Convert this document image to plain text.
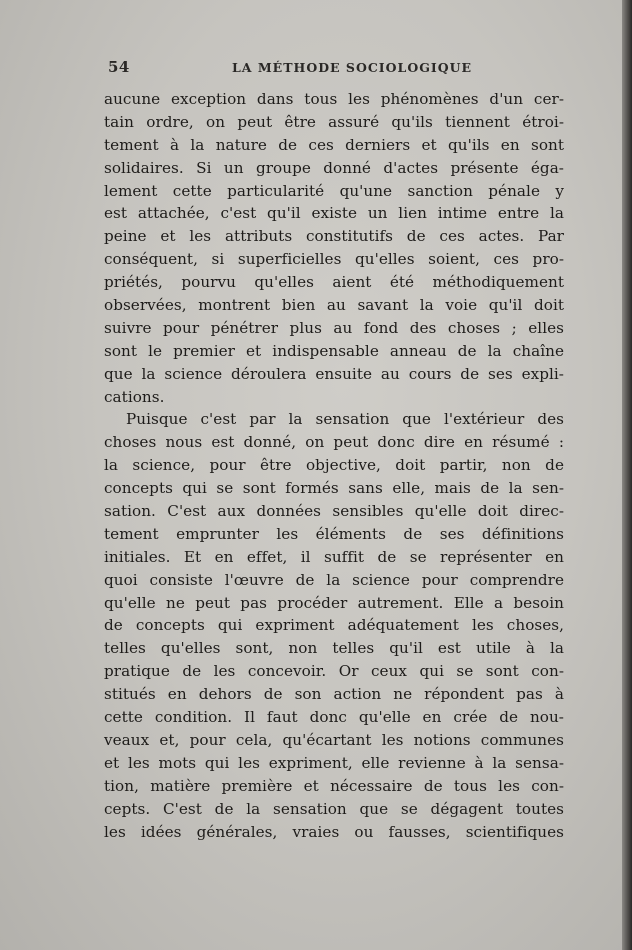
54	LA MÉTHODE SOCIOLOGIQUE
aucune exception dans tous les phénomènes d'un cer-
tain ordre, on peut être assuré qu'ils tiennent étroi-
tement à la nature de ces derniers et qu'ils en sont
solidaires. Si un groupe donné d'actes présente éga-
lement cette particularité qu'une sanction pénale y
est attachée, c'est qu'il existe un lien intime entre la
peine et les attributs constitutifs de ces actes. Par
conséquent, si superficielles qu'elles soient, ces pro-
priétés, pourvu qu'elles aient été méthodiquement
observées, montrent bien au savant la voie qu'il doit
suivre pour pénétrer plus au fond des choses ; elles
sont le premier et indispensable anneau de la chaîne
que la science déroulera ensuite au cours de ses expli-
cations.
Puisque c'est par la sensation que l'extérieur des
choses nous est donné, on peut donc dire en résumé :
la science, pour être objective, doit partir, non de
concepts qui se sont formés sans elle, mais de la sen-
sation. C'est aux données sensibles qu'elle doit direc-
tement emprunter les éléments de ses définitions
initiales. Et en effet, il suffit de se représenter en
quoi consiste l'œuvre de la science pour comprendre
qu'elle ne peut pas procéder autrement. Elle a besoin
de concepts qui expriment adéquatement les choses,
telles qu'elles sont, non telles qu'il est utile à la
pratique de les concevoir. Or ceux qui se sont con-
stitués en dehors de son action ne répondent pas à
cette condition. Il faut donc qu'elle en crée de nou-
veaux et, pour cela, qu'écartant les notions communes
et les mots qui les expriment, elle revienne à la sensa-
tion, matière première et nécessaire de tous les con-
cepts. C'est de la sensation que se dégagent toutes
les idées générales, vraies ou fausses, scientifiques
